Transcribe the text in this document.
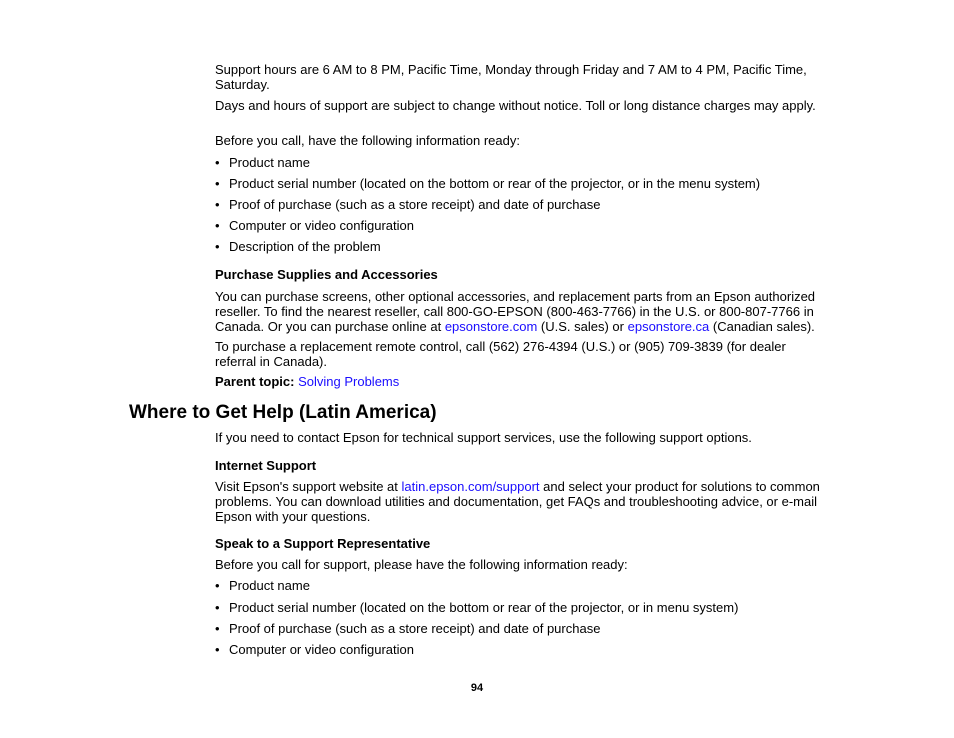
Support hours are 6 AM to 8 PM, Pacific Time, Monday through Friday and 7 AM to 4 PM, Pacific Time, Saturday.

Days and hours of support are subject to change without notice. Toll or long distance charges may apply.

Before you call, have the following information ready:

• Product name

• Product serial number (located on the bottom or rear of the projector, or in the menu system)

• Proof of purchase (such as a store receipt) and date of purchase

• Computer or video configuration

• Description of the problem

Purchase Supplies and Accessories

You can purchase screens, other optional accessories, and replacement parts from an Epson authorized reseller. To find the nearest reseller, call 800-GO-EPSON (800-463-7766) in the U.S. or 800-807-7766 in Canada. Or you can purchase online at epsonstore.com (U.S. sales) or epsonstore.ca (Canadian sales).

To purchase a replacement remote control, call (562) 276-4394 (U.S.) or (905) 709-3839 (for dealer referral in Canada).

Parent topic: Solving Problems

Where to Get Help (Latin America)

If you need to contact Epson for technical support services, use the following support options.

Internet Support

Visit Epson's support website at latin.epson.com/support and select your product for solutions to common problems. You can download utilities and documentation, get FAQs and troubleshooting advice, or e-mail Epson with your questions.

Speak to a Support Representative

Before you call for support, please have the following information ready:

• Product name

• Product serial number (located on the bottom or rear of the projector, or in menu system)

• Proof of purchase (such as a store receipt) and date of purchase

• Computer or video configuration

94
